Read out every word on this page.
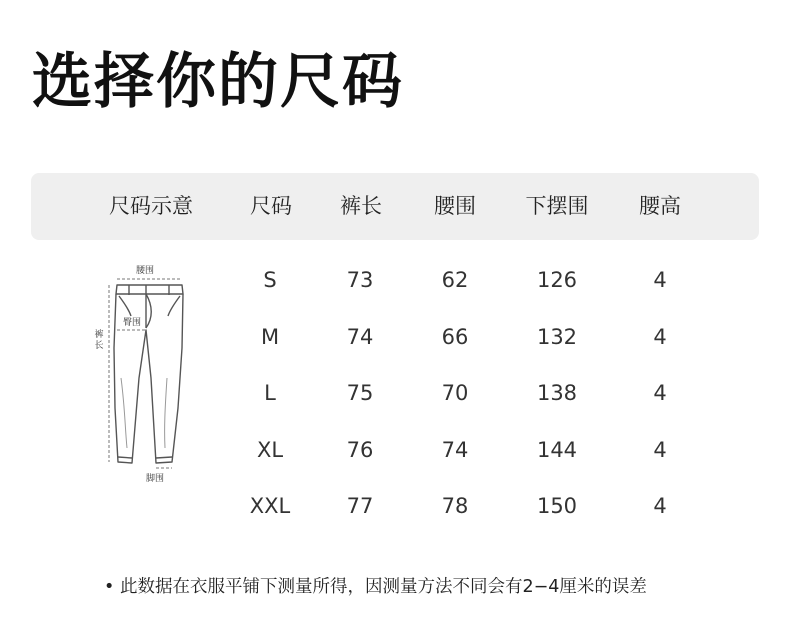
选择你的尺码
尺码示意	尺码	裤长	腰围	下摆围	腰高
腰围
臀围
脚围
裤长
S	73	62	126	4
M	74	66	132	4
L	75	70	138	4
XL	76	74	144	4
XXL	77	78	150	4
• 此数据在衣服平铺下测量所得，因测量方法不同会有2−4厘米的误差
